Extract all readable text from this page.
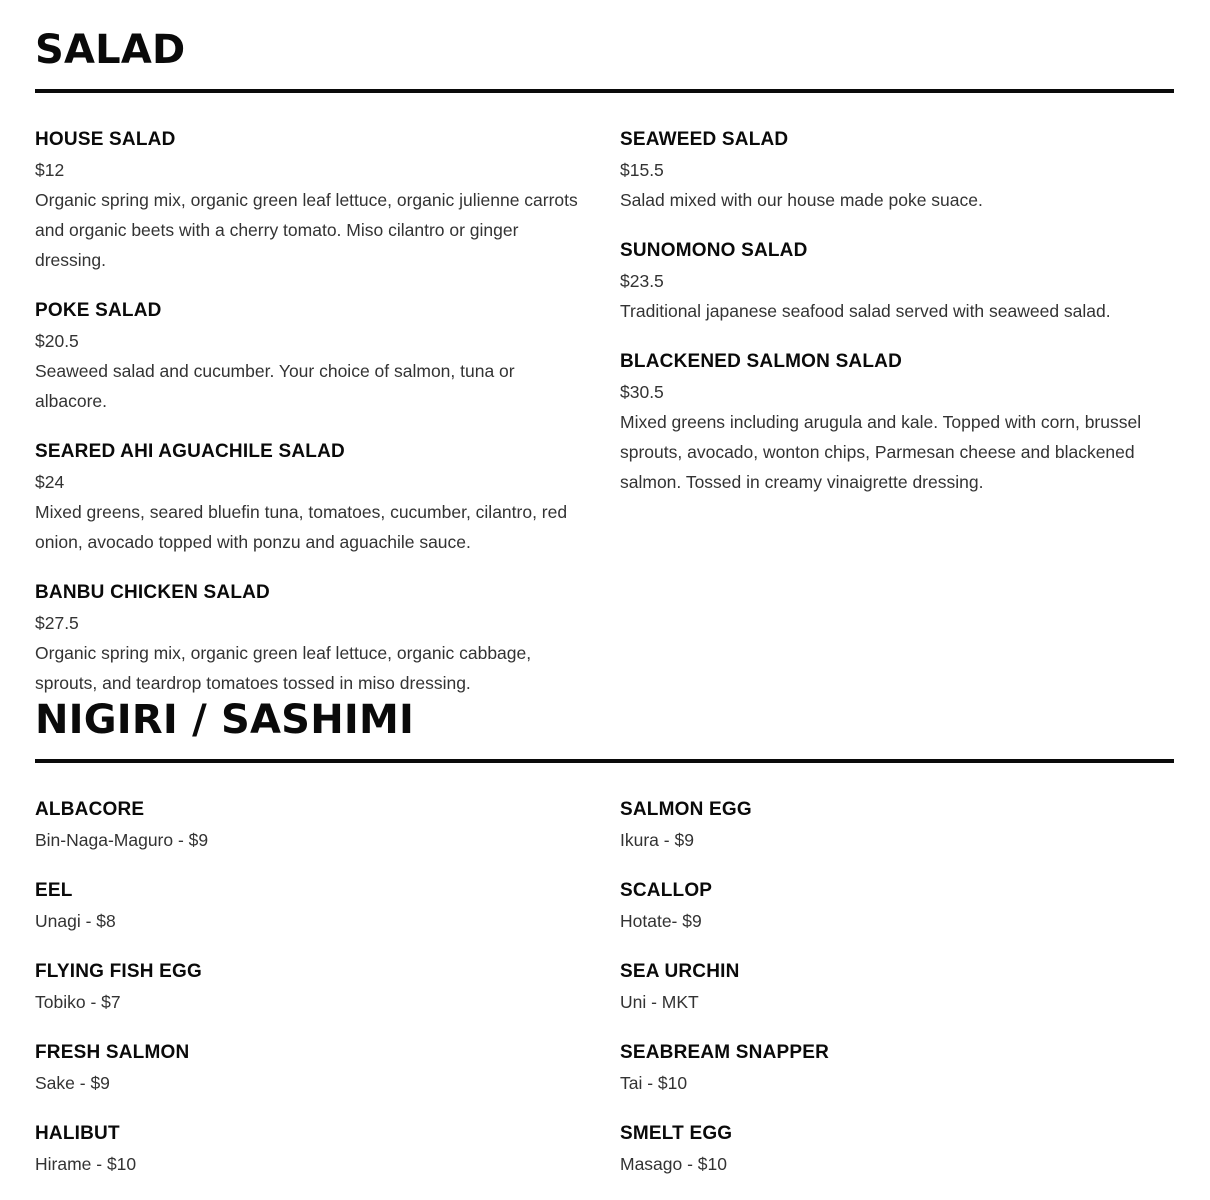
SALAD
HOUSE SALAD
$12
Organic spring mix, organic green leaf lettuce, organic julienne carrots and organic beets with a cherry tomato. Miso cilantro or ginger dressing.
POKE SALAD
$20.5
Seaweed salad and cucumber. Your choice of salmon, tuna or albacore.
SEARED AHI AGUACHILE SALAD
$24
Mixed greens, seared bluefin tuna, tomatoes, cucumber, cilantro, red onion, avocado topped with ponzu and aguachile sauce.
BANBU CHICKEN SALAD
$27.5
Organic spring mix, organic green leaf lettuce, organic cabbage, sprouts, and teardrop tomatoes tossed in miso dressing.
SEAWEED SALAD
$15.5
Salad mixed with our house made poke suace.
SUNOMONO SALAD
$23.5
Traditional japanese seafood salad served with seaweed salad.
BLACKENED SALMON SALAD
$30.5
Mixed greens including arugula and kale. Topped with corn, brussel sprouts, avocado, wonton chips, Parmesan cheese and blackened salmon. Tossed in creamy vinaigrette dressing.
NIGIRI / SASHIMI
ALBACORE
Bin-Naga-Maguro - $9
EEL
Unagi - $8
FLYING FISH EGG
Tobiko - $7
FRESH SALMON
Sake - $9
HALIBUT
Hirame - $10
SALMON EGG
Ikura - $9
SCALLOP
Hotate- $9
SEA URCHIN
Uni - MKT
SEABREAM SNAPPER
Tai - $10
SMELT EGG
Masago - $10
